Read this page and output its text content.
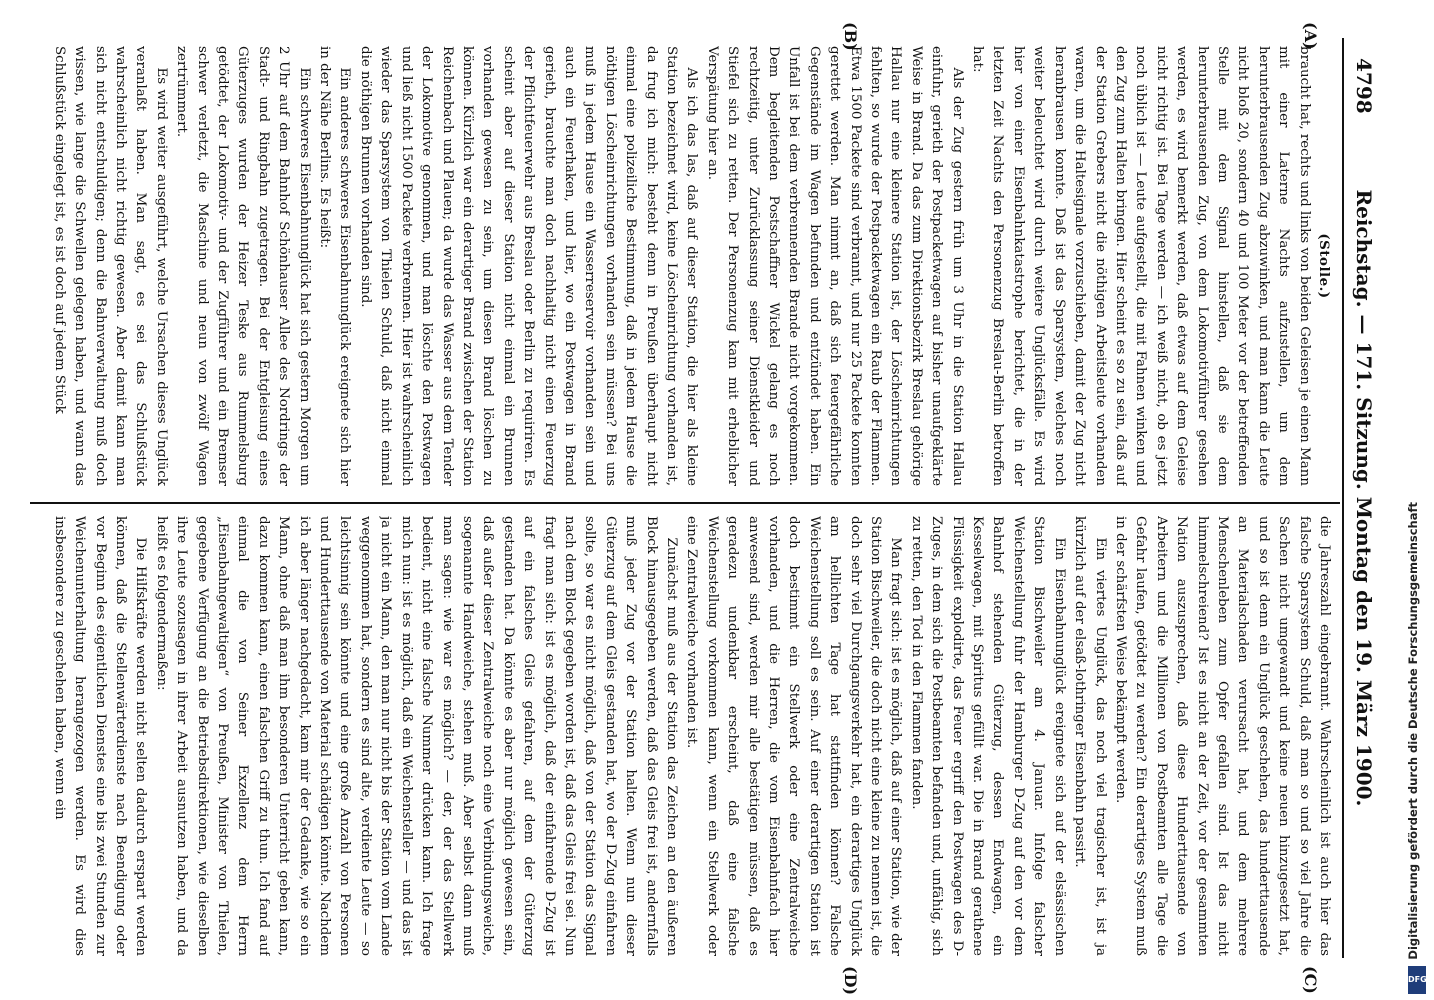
4798
Reichstag. — 171. Sitzung. Montag den 19. März 1900.
(A)
(B)
(C)
(D)

(Stolle.)

braucht hat, rechts und links von beiden Geleisen je einen Mann mit einer Laterne Nachts aufzustellen, um dem herunterbrausenden Zug abzuwinken, und man kann die Leute nicht bloß 20, sondern 40 und 100 Meter vor der betreffenden Stelle mit dem Signal hinstellen, daß sie dem herunterbrausenden Zug, von dem Lokomotivführer gesehen werden, es wird bemerkt werden, daß etwas auf dem Geleise nicht richtig ist. Bei Tage werden — ich weiß nicht, ob es jetzt noch üblich ist — Leute aufgestellt, die mit Fahnen winken und den Zug zum Halten bringen. Hier scheint es so zu sein, daß auf der Station Grebers nicht die nöthigen Arbeitsleute vorhanden waren, um die Haltesignale vorzuschieben, damit der Zug nicht heranbrausen konnte. Daß ist das Sparsystem, welches noch weiter beleuchtet wird durch weitere Unglücksfälle. Es wird hier von einer Eisenbahnkatastrophe berichtet, die in der letzten Zeit Nachts den Personenzug Breslau-Berlin betroffen hat:

Als der Zug gestern früh um 3 Uhr in die Station Hallau einfuhr, gerieth der Postpacketwagen auf bisher unaufgeklärte Weise in Brand. Da das zum Direktionsbezirk Breslau gehörige Hallau nur eine kleinere Station ist, der Löscheinrichtungen fehlten, so wurde der Postpacketwagen ein Raub der Flammen. Etwa 1500 Packete sind verbrannt, und nur 25 Packete konnten gerettet werden. Man nimmt an, daß sich feuergefährliche Gegenstände im Wagen befunden und entzündet haben. Ein Unfall ist bei dem verbrennenden Brande nicht vorgekommen. Dem begleitenden Postschaffner Wickel gelang es noch rechtzeitig, unter Zurücklassung seiner Dienstkleider und Stiefel sich zu retten. Der Personenzug kam mit erheblicher Verspätung hier an.

Als ich das las, daß auf dieser Station, die hier als kleine Station bezeichnet wird, keine Löscheinrichtung vorhanden ist, da frug ich mich: besteht denn in Preußen überhaupt nicht einmal eine polizeiliche Bestimmung, daß in jedem Hause die nöthigen Löscheinrichtungen vorhanden sein müssen? Bei uns muß in jedem Hause ein Wasserreservoir vorhanden sein und auch ein Feuerhaken, und hier, wo ein Postwagen in Brand gerieth, brauchte man doch nachhaltig nicht einen Feuerzug der Pflichtfeuerwehr aus Breslau oder Berlin zu requiriren. Es scheint aber auf dieser Station nicht einmal ein Brunnen vorhanden gewesen zu sein, um diesen Brand löschen zu können. Kürzlich war ein derartiger Brand zwischen der Station Reichenbach und Plauen; da wurde das Wasser aus dem Tender der Lokomotive genommen, und man löschte den Postwagen und ließ nicht 1500 Packete verbrennen. Hier ist wahrscheinlich wieder das Sparsystem von Thielen Schuld, daß nicht einmal die nöthigen Brunnen vorhanden sind.

Ein anderes schweres Eisenbahnunglück ereignete sich hier in der Nähe Berlins. Es heißt:

Ein schweres Eisenbahnunglück hat sich gestern Morgen um 2 Uhr auf dem Bahnhof Schönhauser Allee des Nordrings der Stadt- und Ringbahn zugetragen. Bei der Entgleisung eines Güterzuges wurden der Heizer Teske aus Rummelsburg getödtet, der Lokomotiv- und der Zugführer und ein Bremser schwer verletzt, die Maschine und neun von zwölf Wagen zertrümmert.

Es wird weiter ausgeführt, welche Ursachen dieses Unglück veranlaßt haben. Man sagt, es sei das Schlußstück wahrscheinlich nicht richtig gewesen. Aber damit kann man sich nicht entschuldigen; denn die Bahnverwaltung muß doch wissen, wie lange die Schwellen gelegen haben, und wann das Schlußstück eingelegt ist, es ist doch auf jedem Stück

die Jahreszahl eingebrannt. Wahrscheinlich ist auch hier das falsche Sparsystem Schuld, daß man so und so viel Jahre die Sachen nicht umgewandt und keine neuen hinzugesetzt hat, und so ist denn ein Unglück geschehen, das hunderttausende an Materialschaden verursacht hat, und dem mehrere Menschenleben zum Opfer gefallen sind. Ist das nicht himmelschreiend? Ist es nicht an der Zeit, vor der gesammten Nation auszusprechen, daß diese Hunderttausende von Arbeitern und die Millionen von Postbeamten alle Tage die Gefahr laufen, getödtet zu werden? Ein derartiges System muß in der schärfsten Weise bekämpft werden.

Ein viertes Unglück, das noch viel tragischer ist, ist ja kürzlich auf der elsaß-lothringer Eisenbahn passirt.

Ein Eisenbahnunglück ereignete sich auf der elsässischen Station Bischweiler am 4. Januar. Infolge falscher Weichenstellung fuhr der Hamburger D-Zug auf den vor dem Bahnhof stehenden Güterzug, dessen Endwagen, ein Kesselwagen, mit Spiritus gefüllt war. Die in Brand gerathene Flüssigkeit explodirte, das Feuer ergriff den Postwagen des D-Zuges, in dem sich die Postbeamten befanden und, unfähig, sich zu retten, den Tod in den Flammen fanden.

Man fragt sich: ist es möglich, daß auf einer Station, wie der Station Bischweiler, die doch nicht eine kleine zu nennen ist, die doch sehr viel Durchgangsverkehr hat, ein derartiges Unglück am hellichten Tage hat stattfinden können? Falsche Weichenstellung soll es sein. Auf einer derartigen Station ist doch bestimmt ein Stellwerk oder eine Zentralweiche vorhanden, und die Herren, die vom Eisenbahnfach hier anwesend sind, werden mir alle bestätigen müssen, daß es geradezu undenkbar erscheint, daß eine falsche Weichenstellung vorkommen kann, wenn ein Stellwerk oder eine Zentralweiche vorhanden ist.

Zunächst muß aus der Station das Zeichen an den äußeren Block hinausgegeben werden, daß das Gleis frei ist, andernfalls muß jeder Zug vor der Station halten. Wenn nun dieser Güterzug auf dem Gleis gestanden hat, wo der D-Zug einfahren sollte, so war es nicht möglich, daß von der Station das Signal nach dem Block gegeben worden ist, daß das Gleis frei sei. Nun fragt man sich: ist es möglich, daß der einfahrende D-Zug ist auf ein falsches Gleis gefahren, auf dem der Güterzug gestanden hat. Da könnte es aber nur möglich gewesen sein, daß außer dieser Zentralweiche noch eine Verbindungsweiche, sogenannte Handweiche, stehen muß. Aber selbst dann muß man sagen: wie war es möglich? — der, der das Stellwerk bedient, nicht eine falsche Nummer drücken kann. Ich frage mich nun: ist es möglich, daß ein Weichensteller — und das ist ja nicht ein Mann, den man nur nicht bis der Station vom Lande weggenommen hat, sondern es sind alte, verdiente Leute — so leichtsinnig sein könnte und eine große Anzahl von Personen und Hunderttausende von Material schädigen könnte. Nachdem ich aber länger nachgedacht, kam mir der Gedanke, wie so ein Mann, ohne daß man ihm besonderen Unterricht geben kann, dazu kommen kann, einen falschen Griff zu thun. Ich fand auf einmal die von Seiner Exzellenz dem Herrn „Eisenbahngewaltigen“ von Preußen, Minister von Thielen, gegebene Verfügung an die Betriebsdirektionen, wie dieselben ihre Leute sozusagen in ihrer Arbeit ausnutzen haben, und da heißt es folgendermaßen:

Die Hilfskräfte werden nicht selten dadurch erspart werden können, daß die Stellenwärterdienste nach Beendigung oder vor Beginn des eigentlichen Dienstes eine bis zwei Stunden zur Weichenunterhaltung herangezogen werden. Es wird dies insbesondere zu geschehen haben, wenn ein	Digitalisierung gefördert durch die Deutsche Forschungsgemeinschaft
DFG
